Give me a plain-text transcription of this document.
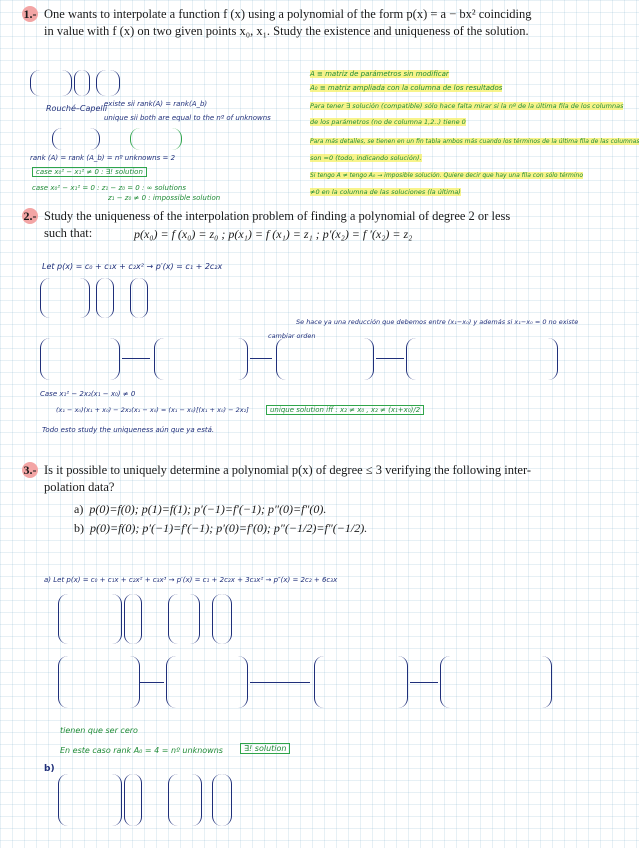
1.- One wants to interpolate a function f (x) using a polynomial of the form p(x) = a − bx² coinciding
in value with f (x) on two given points x₀, x₁. Study the existence and uniqueness of the solution.
Rouché–Capelli
existe sii rank(A) = rank(A_b)
unique sii both are equal to the nº of unknowns
rank (A) = rank (A_b) = nº unknowns = 2
case x₀² − x₁² ≠ 0 : ∃! solution
case x₀² − x₁² = 0 : z₁ − z₀ = 0 : ∞ solutions
z₁ − z₀ ≠ 0 : impossible solution
A ≡ matriz de parámetros sin modificar
A₀ ≡ matriz ampliada con la columna de los resultados
Para tener ∃ solución (compatible) sólo hace falta mirar si la nº de la última fila de los columnas
de los parámetros (no de columna 1,2..) tiene 0
Para más detalles, se tienen en un fin tabla ambos más cuando los términos de la última fila de las columnas
son =0 (todo, indicando solución).
Si tengo A ≠ tengo A₀ → imposible solución. Quiere decir que hay una fila con sólo término
≠0 en la columna de las soluciones (la última)
2.- Study the uniqueness of the interpolation problem of finding a polynomial of degree 2 or less
such that:	p(x₀) = f (x₀) = z₀ ; p(x₁) = f (x₁) = z₁ ; p′(x₂) = f ′(x₂) = z₂
Let p(x) = c₀ + c₁x + c₂x² → p′(x) = c₁ + 2c₂x
Se hace ya una reducción que debemos entre (x₁−x₀) y además si x₁−x₀ = 0 no existe
cambiar orden
Case x₁² − 2x₂(x₁ − x₀) ≠ 0
(x₁ − x₀)(x₁ + x₀) − 2x₂(x₁ − x₀) = (x₁ − x₀)[(x₁ + x₀) − 2x₂]	unique solution iff : x₂ ≠ x₀ , x₂ ≠ (x₁+x₀)/2
Todo esto study the uniqueness aún que ya está.
3.- Is it possible to uniquely determine a polynomial p(x) of degree ≤ 3 verifying the following inter-
polation data?
a) p(0)=f(0); p(1)=f(1); p′(−1)=f′(−1); p″(0)=f″(0).
b) p(0)=f(0); p′(−1)=f′(−1); p′(0)=f′(0); p″(−1/2)=f″(−1/2).
a) Let p(x) = c₀ + c₁x + c₂x² + c₃x³ → p′(x) = c₁ + 2c₂x + 3c₃x² → p″(x) = 2c₂ + 6c₃x
tienen que ser cero
En este caso rank A₀ = 4 = nº unknowns	∃! solution
b)
